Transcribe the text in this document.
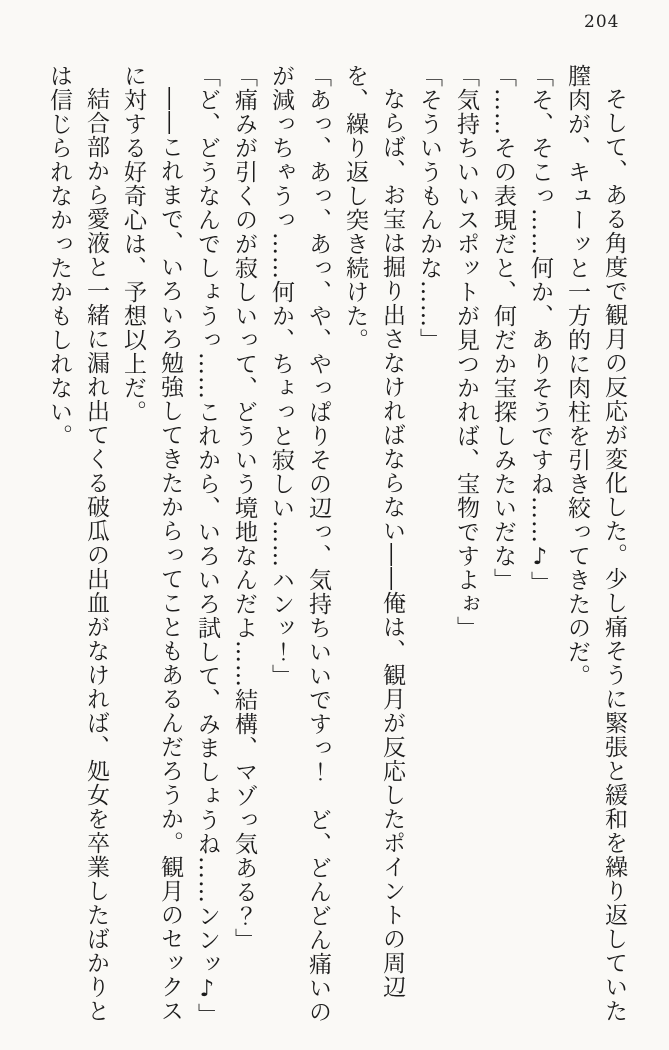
204

そして、ある角度で観月の反応が変化した。少し痛そうに緊張と緩和を繰り返していた膣肉が、キューッと一方的に肉柱を引き絞ってきたのだ。

「そ、そこっ……何か、ありそうですね……♪」

「……その表現だと、何だか宝探しみたいだな」

「気持ちいいスポットが見つかれば、宝物ですよぉ」

「そういうもんかな……」

ならば、お宝は掘り出さなければならない――俺は、観月が反応したポイントの周辺を、繰り返し突き続けた。

「あっ、あっ、あっ、や、やっぱりその辺っ、気持ちいいですっ！　ど、どんどん痛いのが減っちゃうっ……何か、ちょっと寂しい……ハンッ！」

「痛みが引くのが寂しいって、どういう境地なんだよ……結構、マゾっ気ある？」

「ど、どうなんでしょうっ……これから、いろいろ試して、みましょうね……ンンッ♪」

――これまで、いろいろ勉強してきたからってこともあるんだろうか。観月のセックスに対する好奇心は、予想以上だ。

結合部から愛液と一緒に漏れ出てくる破瓜の出血がなければ、処女を卒業したばかりとは信じられなかったかもしれない。
